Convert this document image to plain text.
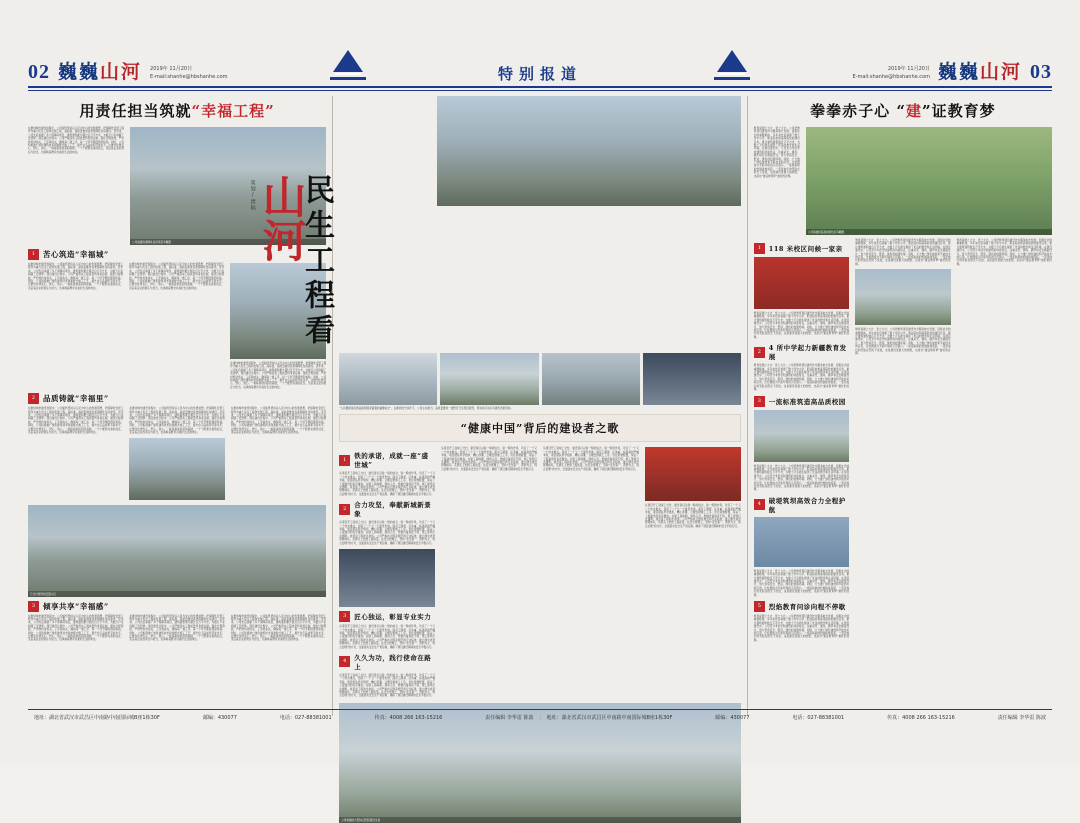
02 巍巍山河 2019年 11月20日
E-mail:shanhe@hbshanhe.com	特别报道	2019年 11月20日
E-mail:shanhe@hbshanhe.com 巍巍山河 03
用责任担当筑就“幸福工程”
在推进城市建设进程中，公司始终坚持以人民为中心的发展思想，把保障性安居工程作为重大民生工程和发展工程，高标准、高质量推进各类保障性住房建设。近年来，公司先后承建了多个保障房项目，建筑面积累计超过百万平方米，为数万户家庭圆了安居梦。项目建设过程中，公司严格落实工程质量终身责任制，强化过程管控，严把材料进场关、工序验收关，确保每一道工序、每一个环节都经得起检验。同时，公司积极推广绿色建筑技术和装配式施工工艺，提升住宅品质和节能水平，让群众住得安心、舒心、放心。一栋栋拔地而起的高楼，一个个配套完善的社区，见证着企业的责任与担当，也承载着群众对美好生活的向往。
公司承建的保障性住房项目鸟瞰图
1	苦心筑造“幸福城”
在推进城市建设进程中，公司始终坚持以人民为中心的发展思想，把保障性安居工程作为重大民生工程和发展工程，高标准、高质量推进各类保障性住房建设。近年来，公司先后承建了多个保障房项目，建筑面积累计超过百万平方米，为数万户家庭圆了安居梦。项目建设过程中，公司严格落实工程质量终身责任制，强化过程管控，严把材料进场关、工序验收关，确保每一道工序、每一个环节都经得起检验。同时，公司积极推广绿色建筑技术和装配式施工工艺，提升住宅品质和节能水平，让群众住得安心、舒心、放心。一栋栋拔地而起的高楼，一个个配套完善的社区，见证着企业的责任与担当，也承载着群众对美好生活的向往。
在推进城市建设进程中，公司始终坚持以人民为中心的发展思想，把保障性安居工程作为重大民生工程和发展工程，高标准、高质量推进各类保障性住房建设。近年来，公司先后承建了多个保障房项目，建筑面积累计超过百万平方米，为数万户家庭圆了安居梦。项目建设过程中，公司严格落实工程质量终身责任制，强化过程管控，严把材料进场关、工序验收关，确保每一道工序、每一个环节都经得起检验。同时，公司积极推广绿色建筑技术和装配式施工工艺，提升住宅品质和节能水平，让群众住得安心、舒心、放心。一栋栋拔地而起的高楼，一个个配套完善的社区，见证着企业的责任与担当，也承载着群众对美好生活的向往。
在推进城市建设进程中，公司始终坚持以人民为中心的发展思想，把保障性安居工程作为重大民生工程和发展工程，高标准、高质量推进各类保障性住房建设。近年来，公司先后承建了多个保障房项目，建筑面积累计超过百万平方米，为数万户家庭圆了安居梦。项目建设过程中，公司严格落实工程质量终身责任制，强化过程管控，严把材料进场关、工序验收关，确保每一道工序、每一个环节都经得起检验。同时，公司积极推广绿色建筑技术和装配式施工工艺，提升住宅品质和节能水平，让群众住得安心、舒心、放心。一栋栋拔地而起的高楼，一个个配套完善的社区，见证着企业的责任与担当，也承载着群众对美好生活的向往。
2	品质铸就“幸福里”
在推进城市建设进程中，公司始终坚持以人民为中心的发展思想，把保障性安居工程作为重大民生工程和发展工程，高标准、高质量推进各类保障性住房建设。近年来，公司先后承建了多个保障房项目，建筑面积累计超过百万平方米，为数万户家庭圆了安居梦。项目建设过程中，公司严格落实工程质量终身责任制，强化过程管控，严把材料进场关、工序验收关，确保每一道工序、每一个环节都经得起检验。同时，公司积极推广绿色建筑技术和装配式施工工艺，提升住宅品质和节能水平，让群众住得安心、舒心、放心。一栋栋拔地而起的高楼，一个个配套完善的社区，见证着企业的责任与担当，也承载着群众对美好生活的向往。
在推进城市建设进程中，公司始终坚持以人民为中心的发展思想，把保障性安居工程作为重大民生工程和发展工程，高标准、高质量推进各类保障性住房建设。近年来，公司先后承建了多个保障房项目，建筑面积累计超过百万平方米，为数万户家庭圆了安居梦。项目建设过程中，公司严格落实工程质量终身责任制，强化过程管控，严把材料进场关、工序验收关，确保每一道工序、每一个环节都经得起检验。同时，公司积极推广绿色建筑技术和装配式施工工艺，提升住宅品质和节能水平，让群众住得安心、舒心、放心。一栋栋拔地而起的高楼，一个个配套完善的社区，见证着企业的责任与担当，也承载着群众对美好生活的向往。
在推进城市建设进程中，公司始终坚持以人民为中心的发展思想，把保障性安居工程作为重大民生工程和发展工程，高标准、高质量推进各类保障性住房建设。近年来，公司先后承建了多个保障房项目，建筑面积累计超过百万平方米，为数万户家庭圆了安居梦。项目建设过程中，公司严格落实工程质量终身责任制，强化过程管控，严把材料进场关、工序验收关，确保每一道工序、每一个环节都经得起检验。同时，公司积极推广绿色建筑技术和装配式施工工艺，提升住宅品质和节能水平，让群众住得安心、舒心、放心。一栋栋拔地而起的高楼，一个个配套完善的社区，见证着企业的责任与担当，也承载着群众对美好生活的向往。
已交付使用的安置小区
3	倾享共享“幸福感”
在推进城市建设进程中，公司始终坚持以人民为中心的发展思想，把保障性安居工程作为重大民生工程和发展工程，高标准、高质量推进各类保障性住房建设。近年来，公司先后承建了多个保障房项目，建筑面积累计超过百万平方米，为数万户家庭圆了安居梦。项目建设过程中，公司严格落实工程质量终身责任制，强化过程管控，严把材料进场关、工序验收关，确保每一道工序、每一个环节都经得起检验。同时，公司积极推广绿色建筑技术和装配式施工工艺，提升住宅品质和节能水平，让群众住得安心、舒心、放心。一栋栋拔地而起的高楼，一个个配套完善的社区，见证着企业的责任与担当，也承载着群众对美好生活的向往。
在推进城市建设进程中，公司始终坚持以人民为中心的发展思想，把保障性安居工程作为重大民生工程和发展工程，高标准、高质量推进各类保障性住房建设。近年来，公司先后承建了多个保障房项目，建筑面积累计超过百万平方米，为数万户家庭圆了安居梦。项目建设过程中，公司严格落实工程质量终身责任制，强化过程管控，严把材料进场关、工序验收关，确保每一道工序、每一个环节都经得起检验。同时，公司积极推广绿色建筑技术和装配式施工工艺，提升住宅品质和节能水平，让群众住得安心、舒心、放心。一栋栋拔地而起的高楼，一个个配套完善的社区，见证着企业的责任与担当，也承载着群众对美好生活的向往。
在推进城市建设进程中，公司始终坚持以人民为中心的发展思想，把保障性安居工程作为重大民生工程和发展工程，高标准、高质量推进各类保障性住房建设。近年来，公司先后承建了多个保障房项目，建筑面积累计超过百万平方米，为数万户家庭圆了安居梦。项目建设过程中，公司严格落实工程质量终身责任制，强化过程管控，严把材料进场关、工序验收关，确保每一道工序、每一个环节都经得起检验。同时，公司积极推广绿色建筑技术和装配式施工工艺，提升住宅品质和节能水平，让群众住得安心、舒心、放心。一栋栋拔地而起的高楼，一个个配套完善的社区，见证着企业的责任与担当，也承载着群众对美好生活的向往。
策划/撰稿
山河
民生工程看
“人民健康是民族昌盛和国家富强的重要标志”，在新的历史条件下，公司主动担当，高质量推进一批医疗卫生项目建设，用实际行动书写建设者的答卷。
“健康中国”背后的建设者之歌
1	铁的承诺，成就一座“盛世城”
从项目开工到竣工交付，建设者们以铁一般的信念、铁一般的作风，攻克了一个又一个技术难关，创造了一个又一个建设奇迹。面对工期紧、任务重、标准高的严峻考验，项目团队科学组织、精心部署，合理安排施工工序，优化资源配置，保证了工程建设的有序推进。在施工高峰期，现场人员、机械设备昼夜不停，施工现场灯火通明。质量是工程的生命线。公司严格执行国家规范和行业标准，建立健全质量管理体系，从源头上把控工程质量。在安全管理上，坚持“安全第一、预防为主、综合治理”的方针，全面落实安全生产责任制，确保了项目建设期间的安全平稳运行。
2	合力攻坚，奉献新城新景象
从项目开工到竣工交付，建设者们以铁一般的信念、铁一般的作风，攻克了一个又一个技术难关，创造了一个又一个建设奇迹。面对工期紧、任务重、标准高的严峻考验，项目团队科学组织、精心部署，合理安排施工工序，优化资源配置，保证了工程建设的有序推进。在施工高峰期，现场人员、机械设备昼夜不停，施工现场灯火通明。质量是工程的生命线。公司严格执行国家规范和行业标准，建立健全质量管理体系，从源头上把控工程质量。在安全管理上，坚持“安全第一、预防为主、综合治理”的方针，全面落实安全生产责任制，确保了项目建设期间的安全平稳运行。
3	匠心独运，彰显专业实力
从项目开工到竣工交付，建设者们以铁一般的信念、铁一般的作风，攻克了一个又一个技术难关，创造了一个又一个建设奇迹。面对工期紧、任务重、标准高的严峻考验，项目团队科学组织、精心部署，合理安排施工工序，优化资源配置，保证了工程建设的有序推进。在施工高峰期，现场人员、机械设备昼夜不停，施工现场灯火通明。质量是工程的生命线。公司严格执行国家规范和行业标准，建立健全质量管理体系，从源头上把控工程质量。在安全管理上，坚持“安全第一、预防为主、综合治理”的方针，全面落实安全生产责任制，确保了项目建设期间的安全平稳运行。
4	久久为功，践行使命在路上
从项目开工到竣工交付，建设者们以铁一般的信念、铁一般的作风，攻克了一个又一个技术难关，创造了一个又一个建设奇迹。面对工期紧、任务重、标准高的严峻考验，项目团队科学组织、精心部署，合理安排施工工序，优化资源配置，保证了工程建设的有序推进。在施工高峰期，现场人员、机械设备昼夜不停，施工现场灯火通明。质量是工程的生命线。公司严格执行国家规范和行业标准，建立健全质量管理体系，从源头上把控工程质量。在安全管理上，坚持“安全第一、预防为主、综合治理”的方针，全面落实安全生产责任制，确保了项目建设期间的安全平稳运行。
从项目开工到竣工交付，建设者们以铁一般的信念、铁一般的作风，攻克了一个又一个技术难关，创造了一个又一个建设奇迹。面对工期紧、任务重、标准高的严峻考验，项目团队科学组织、精心部署，合理安排施工工序，优化资源配置，保证了工程建设的有序推进。在施工高峰期，现场人员、机械设备昼夜不停，施工现场灯火通明。质量是工程的生命线。公司严格执行国家规范和行业标准，建立健全质量管理体系，从源头上把控工程质量。在安全管理上，坚持“安全第一、预防为主、综合治理”的方针，全面落实安全生产责任制，确保了项目建设期间的安全平稳运行。
从项目开工到竣工交付，建设者们以铁一般的信念、铁一般的作风，攻克了一个又一个技术难关，创造了一个又一个建设奇迹。面对工期紧、任务重、标准高的严峻考验，项目团队科学组织、精心部署，合理安排施工工序，优化资源配置，保证了工程建设的有序推进。在施工高峰期，现场人员、机械设备昼夜不停，施工现场灯火通明。质量是工程的生命线。公司严格执行国家规范和行业标准，建立健全质量管理体系，从源头上把控工程质量。在安全管理上，坚持“安全第一、预防为主、综合治理”的方针，全面落实安全生产责任制，确保了项目建设期间的安全平稳运行。
从项目开工到竣工交付，建设者们以铁一般的信念、铁一般的作风，攻克了一个又一个技术难关，创造了一个又一个建设奇迹。面对工期紧、任务重、标准高的严峻考验，项目团队科学组织、精心部署，合理安排施工工序，优化资源配置，保证了工程建设的有序推进。在施工高峰期，现场人员、机械设备昼夜不停，施工现场灯火通明。质量是工程的生命线。公司严格执行国家规范和行业标准，建立健全质量管理体系，从源头上把控工程质量。在安全管理上，坚持“安全第一、预防为主、综合治理”的方针，全面落实安全生产责任制，确保了项目建设期间的安全平稳运行。
公司承建的大型综合医院项目全景
拳拳赤子心 “建”证教育梦
教育是国之大计、党之大计。公司把教育项目建设作为服务地方发展、回报社会的重要载体，多年来先后承建了数十所中小学、职业院校和高等院校的建设任务，累计建筑面积数百万平方米，为数十万名师生提供了优良的教学和生活环境。在项目建设中，公司充分考虑学校建筑的功能特点，注重采光、通风、隔声和安全疏散设计，努力营造安全、舒适、绿色的校园环境。同时，大力推广绿色建材和节能技术的应用，让校园成为节能环保的示范窗口。一座座崭新的校园拔地而起，一张张灿烂的笑脸在阳光下绽放，这是建设者最大的欣慰，也是对“建证教育梦”最好的诠释。
公司承建的某高校新校区鸟瞰图
1	118 米校区问候一家亲
教育是国之大计、党之大计。公司把教育项目建设作为服务地方发展、回报社会的重要载体，多年来先后承建了数十所中小学、职业院校和高等院校的建设任务，累计建筑面积数百万平方米，为数十万名师生提供了优良的教学和生活环境。在项目建设中，公司充分考虑学校建筑的功能特点，注重采光、通风、隔声和安全疏散设计，努力营造安全、舒适、绿色的校园环境。同时，大力推广绿色建材和节能技术的应用，让校园成为节能环保的示范窗口。一座座崭新的校园拔地而起，一张张灿烂的笑脸在阳光下绽放，这是建设者最大的欣慰，也是对“建证教育梦”最好的诠释。
2	4 所中学起力新疆教育发展
教育是国之大计、党之大计。公司把教育项目建设作为服务地方发展、回报社会的重要载体，多年来先后承建了数十所中小学、职业院校和高等院校的建设任务，累计建筑面积数百万平方米，为数十万名师生提供了优良的教学和生活环境。在项目建设中，公司充分考虑学校建筑的功能特点，注重采光、通风、隔声和安全疏散设计，努力营造安全、舒适、绿色的校园环境。同时，大力推广绿色建材和节能技术的应用，让校园成为节能环保的示范窗口。一座座崭新的校园拔地而起，一张张灿烂的笑脸在阳光下绽放，这是建设者最大的欣慰，也是对“建证教育梦”最好的诠释。
3	一流标准筑造高品质校园
教育是国之大计、党之大计。公司把教育项目建设作为服务地方发展、回报社会的重要载体，多年来先后承建了数十所中小学、职业院校和高等院校的建设任务，累计建筑面积数百万平方米，为数十万名师生提供了优良的教学和生活环境。在项目建设中，公司充分考虑学校建筑的功能特点，注重采光、通风、隔声和安全疏散设计，努力营造安全、舒适、绿色的校园环境。同时，大力推广绿色建材和节能技术的应用，让校园成为节能环保的示范窗口。一座座崭新的校园拔地而起，一张张灿烂的笑脸在阳光下绽放，这是建设者最大的欣慰，也是对“建证教育梦”最好的诠释。
4	破堤筑坝高效合力全程护航
教育是国之大计、党之大计。公司把教育项目建设作为服务地方发展、回报社会的重要载体，多年来先后承建了数十所中小学、职业院校和高等院校的建设任务，累计建筑面积数百万平方米，为数十万名师生提供了优良的教学和生活环境。在项目建设中，公司充分考虑学校建筑的功能特点，注重采光、通风、隔声和安全疏散设计，努力营造安全、舒适、绿色的校园环境。同时，大力推广绿色建材和节能技术的应用，让校园成为节能环保的示范窗口。一座座崭新的校园拔地而起，一张张灿烂的笑脸在阳光下绽放，这是建设者最大的欣慰，也是对“建证教育梦”最好的诠释。
5	烈焰教育问诊向程不停歇
教育是国之大计、党之大计。公司把教育项目建设作为服务地方发展、回报社会的重要载体，多年来先后承建了数十所中小学、职业院校和高等院校的建设任务，累计建筑面积数百万平方米，为数十万名师生提供了优良的教学和生活环境。在项目建设中，公司充分考虑学校建筑的功能特点，注重采光、通风、隔声和安全疏散设计，努力营造安全、舒适、绿色的校园环境。同时，大力推广绿色建材和节能技术的应用，让校园成为节能环保的示范窗口。一座座崭新的校园拔地而起，一张张灿烂的笑脸在阳光下绽放，这是建设者最大的欣慰，也是对“建证教育梦”最好的诠释。
教育是国之大计、党之大计。公司把教育项目建设作为服务地方发展、回报社会的重要载体，多年来先后承建了数十所中小学、职业院校和高等院校的建设任务，累计建筑面积数百万平方米，为数十万名师生提供了优良的教学和生活环境。在项目建设中，公司充分考虑学校建筑的功能特点，注重采光、通风、隔声和安全疏散设计，努力营造安全、舒适、绿色的校园环境。同时，大力推广绿色建材和节能技术的应用，让校园成为节能环保的示范窗口。一座座崭新的校园拔地而起，一张张灿烂的笑脸在阳光下绽放，这是建设者最大的欣慰，也是对“建证教育梦”最好的诠释。
教育是国之大计、党之大计。公司把教育项目建设作为服务地方发展、回报社会的重要载体，多年来先后承建了数十所中小学、职业院校和高等院校的建设任务，累计建筑面积数百万平方米，为数十万名师生提供了优良的教学和生活环境。在项目建设中，公司充分考虑学校建筑的功能特点，注重采光、通风、隔声和安全疏散设计，努力营造安全、舒适、绿色的校园环境。同时，大力推广绿色建材和节能技术的应用，让校园成为节能环保的示范窗口。一座座崭新的校园拔地而起，一张张灿烂的笑脸在阳光下绽放，这是建设者最大的欣慰，也是对“建证教育梦”最好的诠释。
教育是国之大计、党之大计。公司把教育项目建设作为服务地方发展、回报社会的重要载体，多年来先后承建了数十所中小学、职业院校和高等院校的建设任务，累计建筑面积数百万平方米，为数十万名师生提供了优良的教学和生活环境。在项目建设中，公司充分考虑学校建筑的功能特点，注重采光、通风、隔声和安全疏散设计，努力营造安全、舒适、绿色的校园环境。同时，大力推广绿色建材和节能技术的应用，让校园成为节能环保的示范窗口。一座座崭新的校园拔地而起，一张张灿烂的笑脸在阳光下绽放，这是建设者最大的欣慰，也是对“建证教育梦”最好的诠释。
地址：湖北省武汉市武昌区中南路中南国际城B座1栋30F	邮编：430077	电话：027-88381001	传真：4008 266 163-15216	责任编辑 李华雷 陈波	地址：湖北省武汉市武昌区中南路中南国际城B座1栋30F	邮编：430077	电话：027-88381001	传真：4008 266 163-15216	责任编辑 李华雷 陈波
